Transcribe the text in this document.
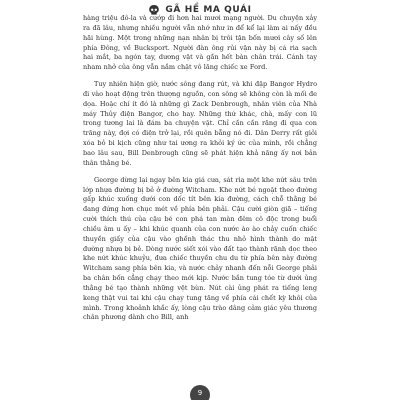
GÃ HỀ MA QUÁI

hàng triệu đô-la và cướp đi hơn hai mươi mạng người. Du chuyện xảy ra đã lâu, nhưng nhiều người vẫn nhớ như in để kể lại làm ai nấy đều hãi hùng. Một trong những nạn nhân bị trôi tận bốn mươi cây số lên phía Đông, về Bucksport. Người đàn ông rủi vận này bị cá ria sạch hai mắt, ba ngón tay, dương vật và gần hết bàn chân trái. Cánh tay nham nhở của ông vẫn nắm chặt vô lăng chiếc xe Ford.

Tuy nhiên hiện giờ, nước sông đang rút, và khi đập Bangor Hydro đi vào hoạt động trên thượng nguồn, con sông sẽ không còn là mối đe dọa. Hoặc chí ít đó là những gì Zack Denbrough, nhân viên của Nhà máy Thủy điện Bangor, cho hay. Những thứ khác, chà, mấy con lũ trong tương lai là đám ba chuyện vặt. Chỉ cần cần răng đi qua con trăng này, đợi có điện trở lại, rồi quên bẵng nó đi. Dân Derry rất giỏi xóa bỏ bi kịch cũng như tai ương ra khỏi ký ức của mình, rồi chẳng bao lâu sau, Bill Denbrough cũng sẽ phát hiện khả năng ấy nơi bản thân thằng bé.

George dừng lại ngay bên kia giá cưa, sát rìa một khe nứt sâu trên lớp nhựa đường bị bẻ ở đường Witcham. Khe nứt bé ngoặt theo đường gấp khúc xuống dưới con dốc tít bên kia đường, cách chỗ thằng bé đang đứng hơn chục mét về phía bên phải. Cậu cười giòn giã – tiếng cười thích thú của cậu bé con phá tan màn đêm cô độc trong buổi chiều âm u ấy – khi khúc quanh của con nước ào ào chảy cuốn chiếc thuyền giấy của cậu vào ghềnh thác thu nhỏ hình thành do mặt đường nhựa bị bẻ. Dòng nước siết xói vào đất tạo thành rãnh dọc theo khe nứt khúc khuỷu, đưa chiếc thuyền chu du từ phía bên này đường Witcham sang phía bên kia, và nước chảy nhanh đến nỗi George phải ba chân bốn cẳng chạy theo mới kịp. Nước bắn tung tóe từ dưới ủng thằng bé tạo thành những vệt bùn. Nút cài ủng phát ra tiếng leng keng thật vui tai khi cậu chạy tung tăng về phía cái chết kỳ khôi của mình. Trong khoảnh khắc ấy, lòng cậu trào dâng cảm giác yêu thương chân phương dành cho Bill, anh

9
